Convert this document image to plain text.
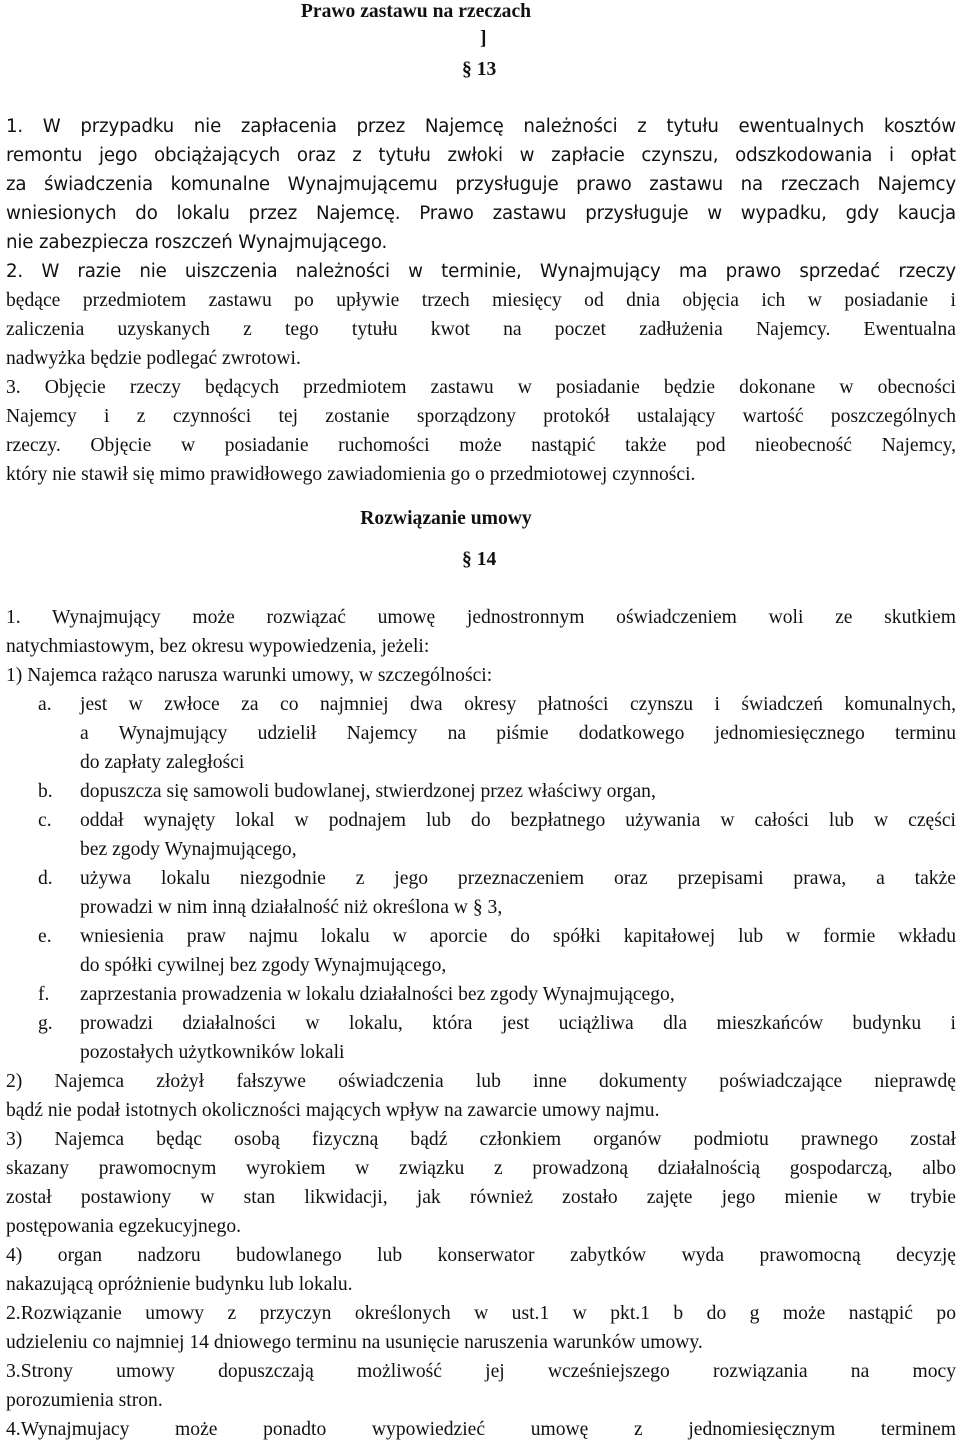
Prawo zastawu na rzeczach
]
§ 13
1. W przypadku nie zapłacenia przez Najemcę należności z tytułu ewentualnych kosztów
remontu jego obciążających oraz z tytułu zwłoki w zapłacie czynszu, odszkodowania i opłat
za świadczenia komunalne Wynajmującemu przysługuje prawo zastawu na rzeczach Najemcy
wniesionych do lokalu przez Najemcę. Prawo zastawu przysługuje w wypadku, gdy kaucja
nie zabezpiecza roszczeń Wynajmującego.
2. W razie nie uiszczenia należności w terminie, Wynajmujący ma prawo sprzedać rzeczy
będące przedmiotem zastawu po upływie trzech miesięcy od dnia objęcia ich w posiadanie i
zaliczenia uzyskanych z tego tytułu kwot na poczet zadłużenia Najemcy. Ewentualna
nadwyżka będzie podlegać zwrotowi.
3. Objęcie rzeczy będących przedmiotem zastawu w posiadanie będzie dokonane w obecności
Najemcy i z czynności tej zostanie sporządzony protokół ustalający wartość poszczególnych
rzeczy. Objęcie w posiadanie ruchomości może nastąpić także pod nieobecność Najemcy,
który nie stawił się mimo prawidłowego zawiadomienia go o przedmiotowej czynności.
Rozwiązanie umowy
§ 14
1. Wynajmujący może rozwiązać umowę jednostronnym oświadczeniem woli ze skutkiem
natychmiastowym, bez okresu wypowiedzenia, jeżeli:
1) Najemca rażąco narusza warunki umowy, w szczególności:
a.	jest w zwłoce za co najmniej dwa okresy płatności czynszu i świadczeń komunalnych,
a Wynajmujący udzielił Najemcy na piśmie dodatkowego jednomiesięcznego terminu
do zapłaty zaległości
b.	dopuszcza się samowoli budowlanej, stwierdzonej przez właściwy organ,
c.	oddał wynajęty lokal w podnajem lub do bezpłatnego używania w całości lub w części
bez zgody Wynajmującego,
d.	używa lokalu niezgodnie z jego przeznaczeniem oraz przepisami prawa, a także
prowadzi w nim inną działalność niż określona w § 3,
e.	wniesienia praw najmu lokalu w aporcie do spółki kapitałowej lub w formie wkładu
do spółki cywilnej bez zgody Wynajmującego,
f.	zaprzestania prowadzenia w lokalu działalności bez zgody Wynajmującego,
g.	prowadzi działalności w lokalu, która jest uciążliwa dla mieszkańców budynku i
pozostałych użytkowników lokali
2) Najemca złożył fałszywe oświadczenia lub inne dokumenty poświadczające nieprawdę
bądź nie podał istotnych okoliczności mających wpływ na zawarcie umowy najmu.
3) Najemca będąc osobą fizyczną bądź członkiem organów podmiotu prawnego został
skazany prawomocnym wyrokiem w związku z prowadzoną działalnością gospodarczą, albo
został postawiony w stan likwidacji, jak również zostało zajęte jego mienie w trybie
postępowania egzekucyjnego.
4) organ nadzoru budowlanego lub konserwator zabytków wyda prawomocną decyzję
nakazującą opróżnienie budynku lub lokalu.
2.Rozwiązanie umowy z przyczyn określonych w ust.1 w pkt.1 b do g może nastąpić po
udzieleniu co najmniej 14 dniowego terminu na usunięcie naruszenia warunków umowy.
3.Strony umowy dopuszczają możliwość jej wcześniejszego rozwiązania na mocy
porozumienia stron.
4.Wynajmujacy może ponadto wypowiedzieć umowę z jednomiesięcznym terminem
